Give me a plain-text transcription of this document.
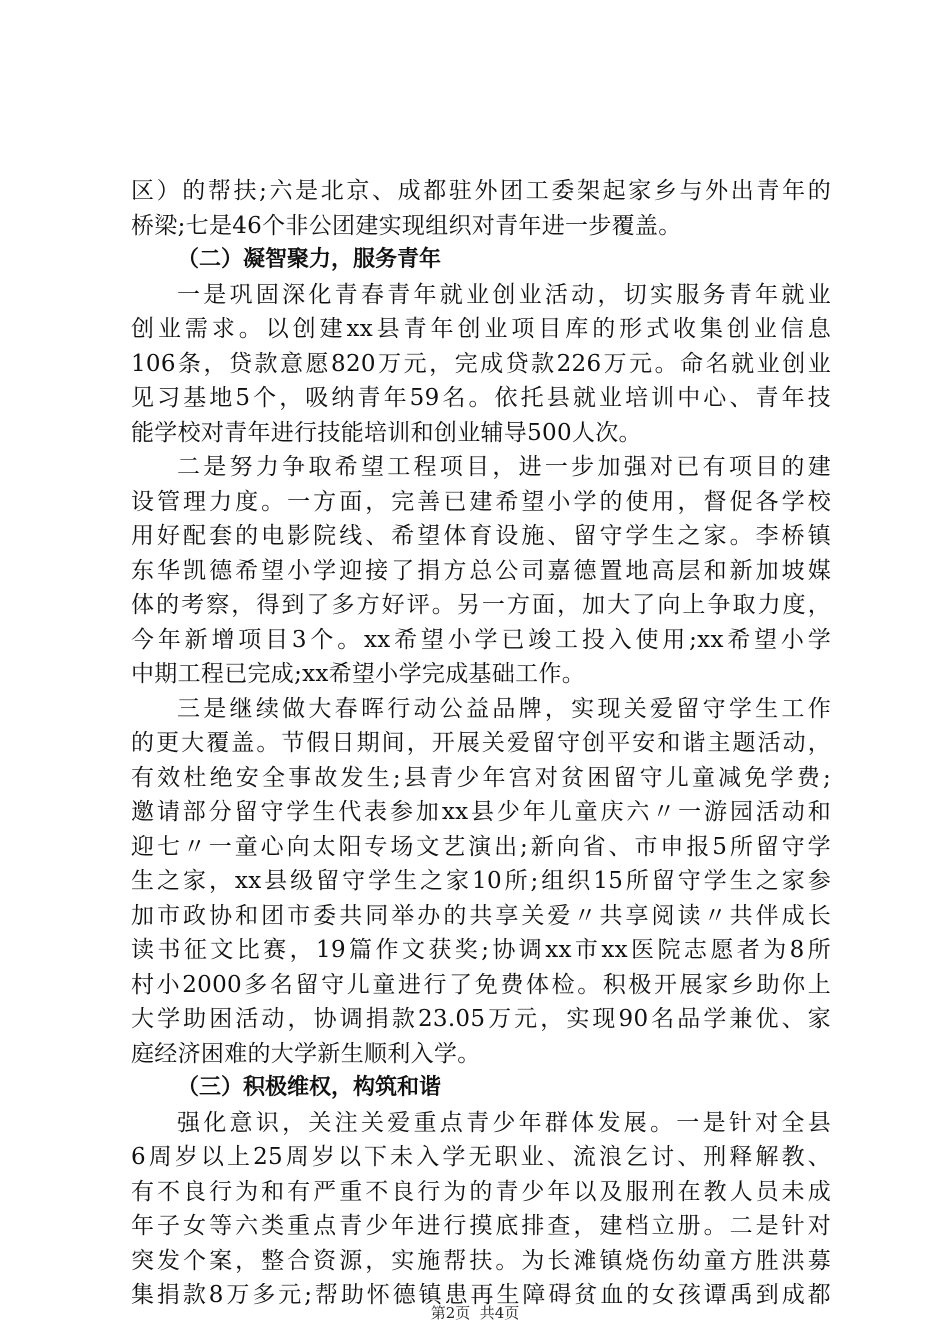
区）的帮扶;六是北京、成都驻外团工委架起家乡与外出青年的
桥梁;七是46个非公团建实现组织对青年进一步覆盖。
（二）凝智聚力，服务青年
一是巩固深化青春青年就业创业活动，切实服务青年就业
创业需求。以创建xx县青年创业项目库的形式收集创业信息
106条，贷款意愿820万元，完成贷款226万元。命名就业创业
见习基地5个，吸纳青年59名。依托县就业培训中心、青年技
能学校对青年进行技能培训和创业辅导500人次。
二是努力争取希望工程项目，进一步加强对已有项目的建
设管理力度。一方面，完善已建希望小学的使用，督促各学校
用好配套的电影院线、希望体育设施、留守学生之家。李桥镇
东华凯德希望小学迎接了捐方总公司嘉德置地高层和新加坡媒
体的考察，得到了多方好评。另一方面，加大了向上争取力度，
今年新增项目3个。xx希望小学已竣工投入使用;xx希望小学
中期工程已完成;xx希望小学完成基础工作。
三是继续做大春晖行动公益品牌，实现关爱留守学生工作
的更大覆盖。节假日期间，开展关爱留守创平安和谐主题活动，
有效杜绝安全事故发生;县青少年宫对贫困留守儿童减免学费;
邀请部分留守学生代表参加xx县少年儿童庆六〃一游园活动和
迎七〃一童心向太阳专场文艺演出;新向省、市申报5所留守学
生之家，xx县级留守学生之家10所;组织15所留守学生之家参
加市政协和团市委共同举办的共享关爱〃共享阅读〃共伴成长
读书征文比赛，19篇作文获奖;协调xx市xx医院志愿者为8所
村小2000多名留守儿童进行了免费体检。积极开展家乡助你上
大学助困活动，协调捐款23.05万元，实现90名品学兼优、家
庭经济困难的大学新生顺利入学。
（三）积极维权，构筑和谐
强化意识，关注关爱重点青少年群体发展。一是针对全县
6周岁以上25周岁以下未入学无职业、流浪乞讨、刑释解教、
有不良行为和有严重不良行为的青少年以及服刑在教人员未成
年子女等六类重点青少年进行摸底排查，建档立册。二是针对
突发个案，整合资源，实施帮扶。为长滩镇烧伤幼童方胜洪募
集捐款8万多元;帮助怀德镇患再生障碍贫血的女孩谭禹到成都
第2页  共4页
